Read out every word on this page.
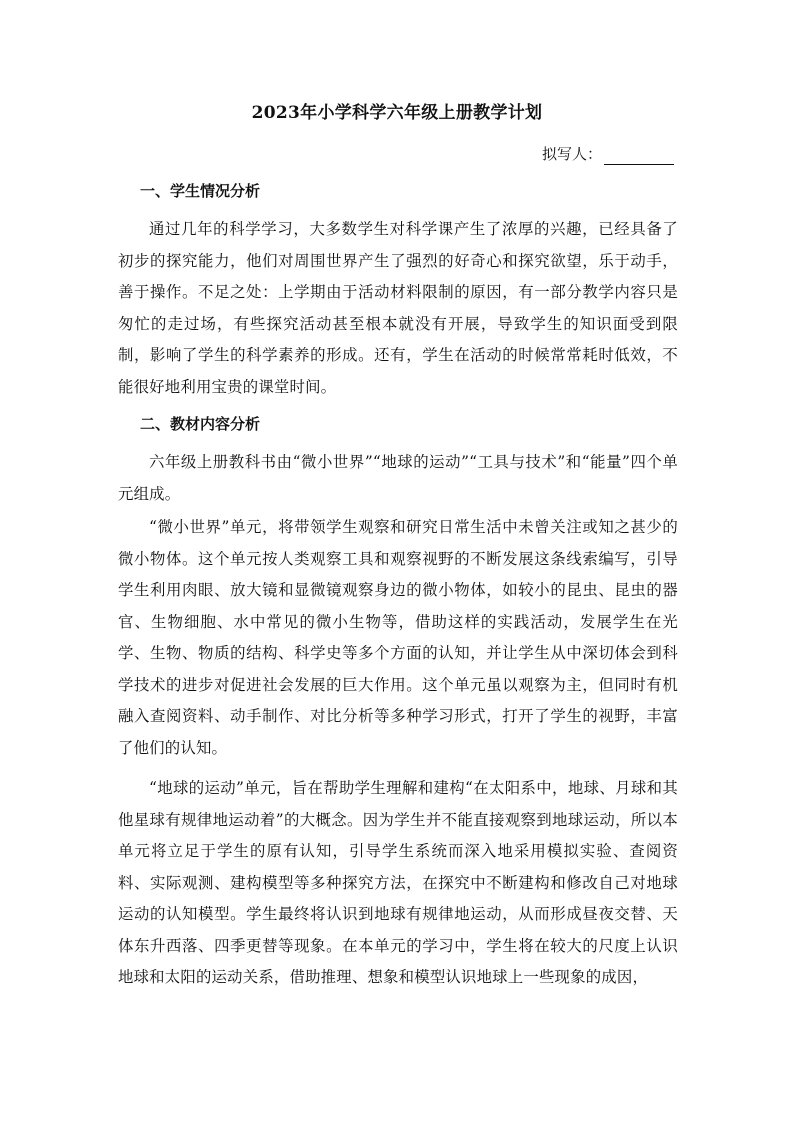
2023年小学科学六年级上册教学计划
拟写人：
一、学生情况分析

通过几年的科学学习，大多数学生对科学课产生了浓厚的兴趣，已经具备了初步的探究能力，他们对周围世界产生了强烈的好奇心和探究欲望，乐于动手，善于操作。不足之处：上学期由于活动材料限制的原因，有一部分教学内容只是匆忙的走过场，有些探究活动甚至根本就没有开展，导致学生的知识面受到限制，影响了学生的科学素养的形成。还有，学生在活动的时候常常耗时低效，不能很好地利用宝贵的课堂时间。

二、教材内容分析

六年级上册教科书由“微小世界”“地球的运动”“工具与技术”和“能量”四个单元组成。

“微小世界”单元，将带领学生观察和研究日常生活中未曾关注或知之甚少的微小物体。这个单元按人类观察工具和观察视野的不断发展这条线索编写，引导学生利用肉眼、放大镜和显微镜观察身边的微小物体，如较小的昆虫、昆虫的器官、生物细胞、水中常见的微小生物等，借助这样的实践活动，发展学生在光学、生物、物质的结构、科学史等多个方面的认知，并让学生从中深切体会到科学技术的进步对促进社会发展的巨大作用。这个单元虽以观察为主，但同时有机融入查阅资料、动手制作、对比分析等多种学习形式，打开了学生的视野，丰富了他们的认知。

“地球的运动”单元，旨在帮助学生理解和建构“在太阳系中，地球、月球和其他星球有规律地运动着”的大概念。因为学生并不能直接观察到地球运动，所以本单元将立足于学生的原有认知，引导学生系统而深入地采用模拟实验、查阅资料、实际观测、建构模型等多种探究方法，在探究中不断建构和修改自己对地球运动的认知模型。学生最终将认识到地球有规律地运动，从而形成昼夜交替、天体东升西落、四季更替等现象。在本单元的学习中，学生将在较大的尺度上认识地球和太阳的运动关系，借助推理、想象和模型认识地球上一些现象的成因，
